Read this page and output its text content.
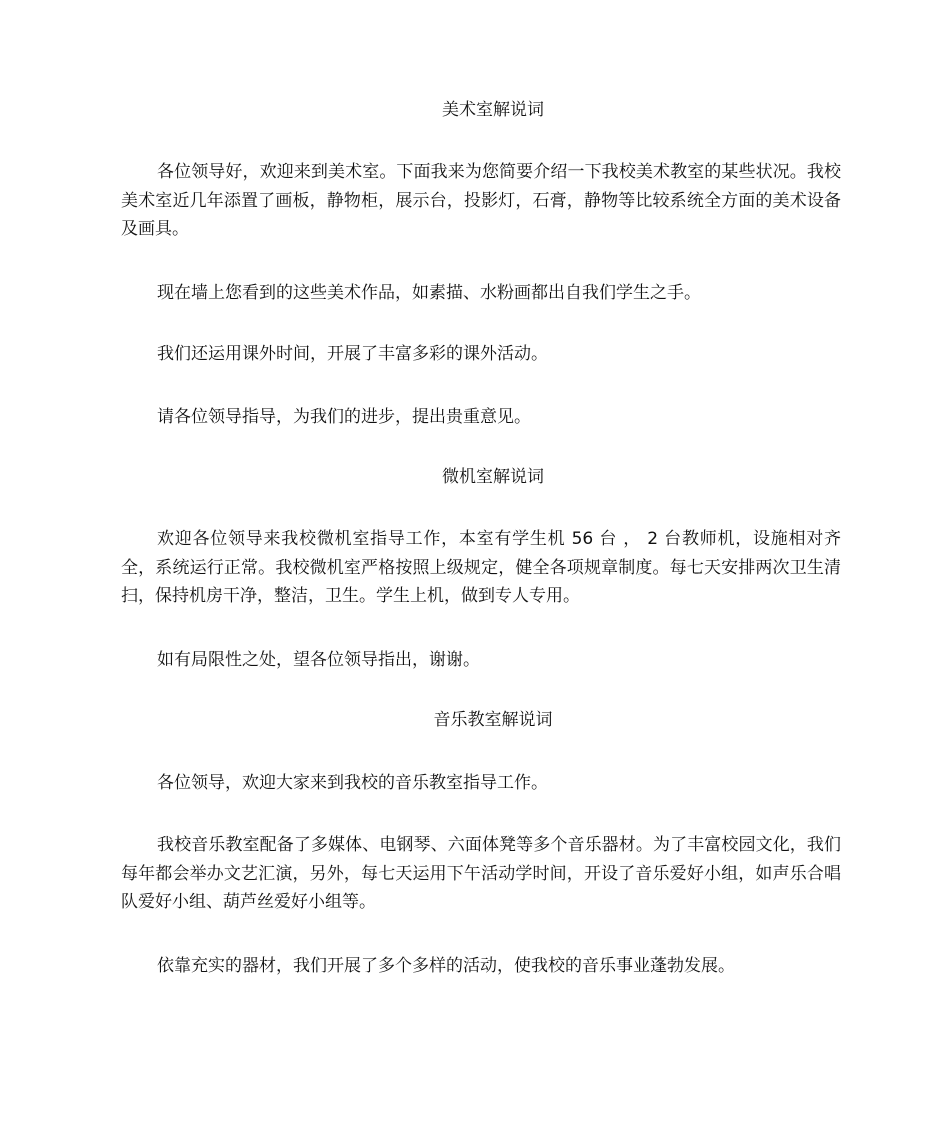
美术室解说词

各位领导好，欢迎来到美术室。下面我来为您简要介绍一下我校美术教室的某些状况。我校美术室近几年添置了画板，静物柜，展示台，投影灯，石膏，静物等比较系统全方面的美术设备及画具。

现在墙上您看到的这些美术作品，如素描、水粉画都出自我们学生之手。

我们还运用课外时间，开展了丰富多彩的课外活动。

请各位领导指导，为我们的进步，提出贵重意见。

微机室解说词

欢迎各位领导来我校微机室指导工作，本室有学生机 56 台 ， 2 台教师机，设施相对齐全，系统运行正常。我校微机室严格按照上级规定，健全各项规章制度。每七天安排两次卫生清扫，保持机房干净，整洁，卫生。学生上机，做到专人专用。

如有局限性之处，望各位领导指出，谢谢。

音乐教室解说词

各位领导，欢迎大家来到我校的音乐教室指导工作。

我校音乐教室配备了多媒体、电钢琴、六面体凳等多个音乐器材。为了丰富校园文化，我们每年都会举办文艺汇演，另外，每七天运用下午活动学时间，开设了音乐爱好小组，如声乐合唱队爱好小组、葫芦丝爱好小组等。

依靠充实的器材，我们开展了多个多样的活动，使我校的音乐事业蓬勃发展。
